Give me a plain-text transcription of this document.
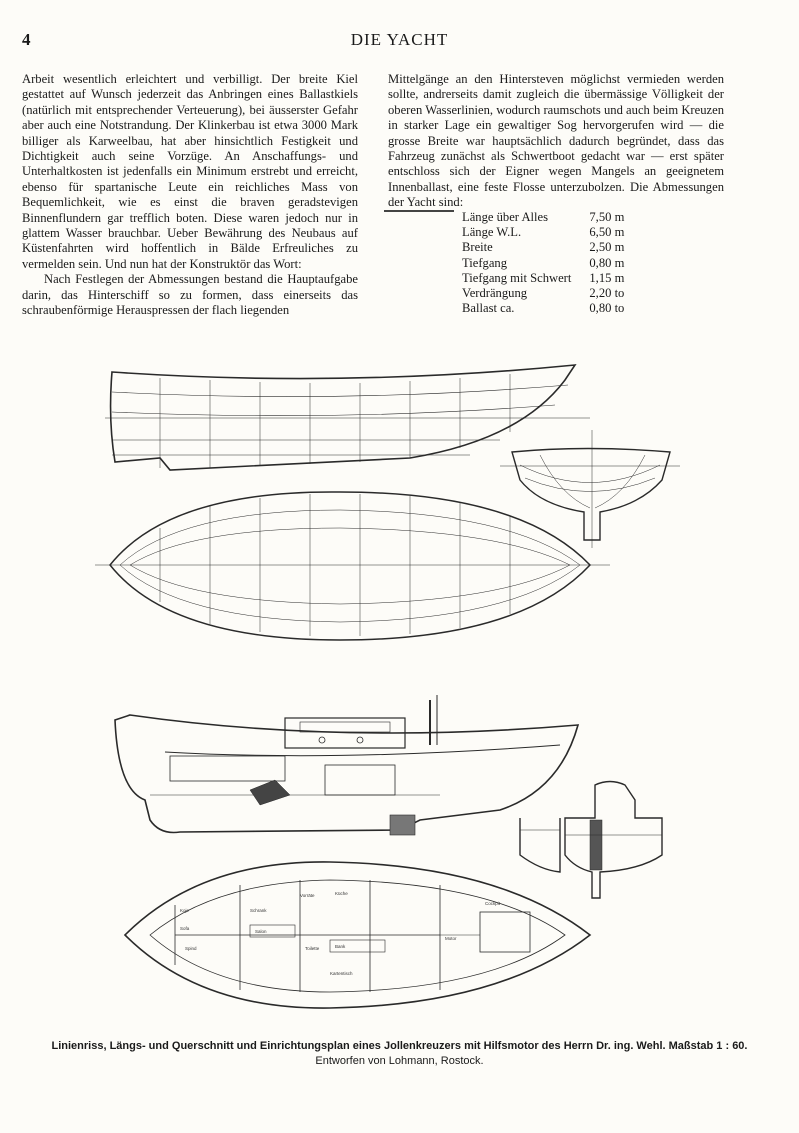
4	DIE YACHT

Arbeit wesentlich erleichtert und verbilligt. Der breite Kiel gestattet auf Wunsch jederzeit das Anbringen eines Ballastkiels (natürlich mit entsprechender Verteuerung), bei äusserster Gefahr aber auch eine Notstrandung. Der Klinkerbau ist etwa 3000 Mark billiger als Karweelbau, hat aber hinsichtlich Festigkeit und Dichtigkeit auch seine Vorzüge. An Anschaffungs- und Unterhaltkosten ist jedenfalls ein Minimum erstrebt und erreicht, ebenso für spartanische Leute ein reichliches Mass von Bequemlichkeit, wie es einst die braven geradstevigen Binnenflundern gar trefflich boten. Diese waren jedoch nur in glattem Wasser brauchbar. Ueber Bewährung des Neubaus auf Küstenfahrten wird hoffentlich in Bälde Erfreuliches zu vermelden sein. Und nun hat der Konstruktör das Wort:

Nach Festlegen der Abmessungen bestand die Hauptaufgabe darin, das Hinterschiff so zu formen, dass einerseits das schraubenförmige Herauspressen der flach liegenden

Mittelgänge an den Hintersteven möglichst vermieden werden sollte, andrerseits damit zugleich die übermässige Völligkeit der oberen Wasserlinien, wodurch raumschots und auch beim Kreuzen in starker Lage ein gewaltiger Sog hervorgerufen wird — die grosse Breite war hauptsächlich dadurch begründet, dass das Fahrzeug zunächst als Schwertboot gedacht war — erst später entschloss sich der Eigner wegen Mangels an geeignetem Innenballast, eine feste Flosse unterzubolzen. Die Abmessungen der Yacht sind:

Länge über Alles	7,50 m
Länge W.L.	6,50 m
Breite	2,50 m
Tiefgang	0,80 m
Tiefgang mit Schwert	1,15 m
Verdrängung	2,20 to
Ballast ca.	0,80 to
Vorräte	Küche
Salon
Sofa
Bank
Cockpit
Koje	Schrank
Toilette
Kartentisch
Motor
Spind
Linienriss, Längs- und Querschnitt und Einrichtungsplan eines Jollenkreuzers mit Hilfsmotor des Herrn Dr. ing. Wehl. Maßstab 1 : 60.
Entworfen von Lohmann, Rostock.
